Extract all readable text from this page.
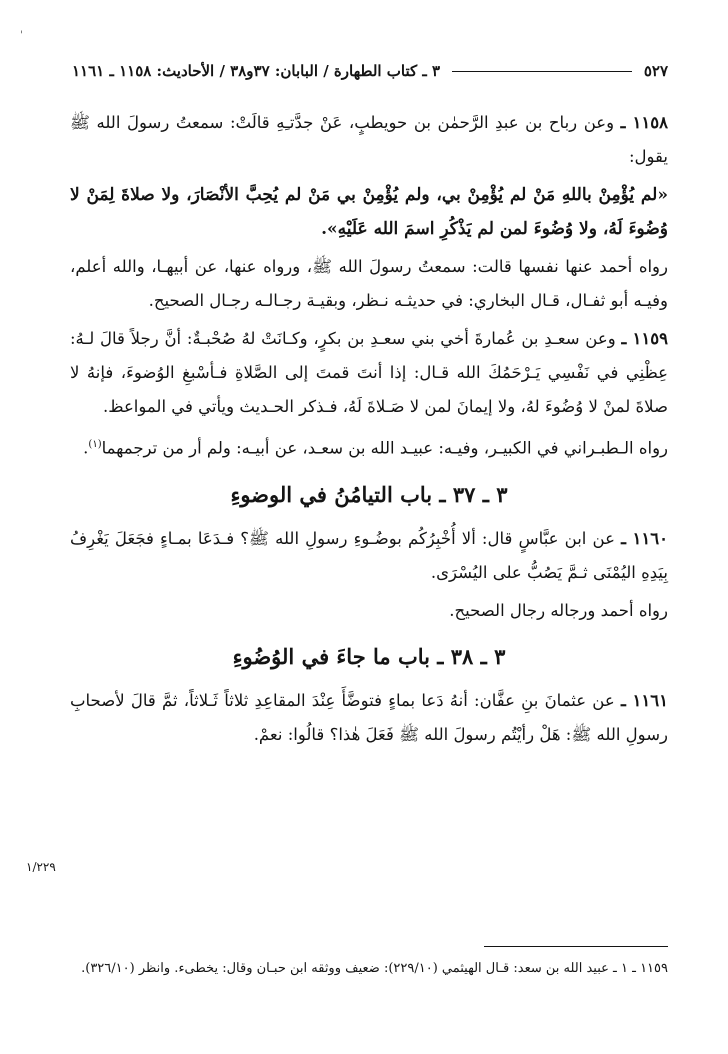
'
٥٢٧
٣ ـ كتاب الطهارة / البابان: ٣٧و٣٨ / الأحاديث: ١١٥٨ ـ ١١٦١

١١٥٨ ـ وعن رباح بن عبدِ الرَّحمٰن بن حويطبٍ، عَنْ جدَّتـِهِ قالَتْ: سمعتُ رسولَ الله ﷺ يقول:

«لم يُؤْمِنْ باللهِ مَنْ لم يُؤْمِنْ بي، ولم يُؤْمِنْ بي مَنْ لم يُحِبَّ الأنْصَارَ، ولا صلاةَ لِمَنْ لا وُضُوءَ لَهُ، ولا وُضُوءَ لمن لم يَذْكُرِ اسمَ الله عَلَيْهِ».

رواه أحمد عنها نفسها قالت: سمعتُ رسولَ الله ﷺ، ورواه عنها، عن أبيهـا، والله أعلم، وفيـه أبو ثفـال، قـال البخاري: في حديثـه نـظر، وبقيـة رجـالـه رجـال الصحيح.

١١٥٩ ـ وعن سعـدِ بن عُمارةَ أخي بني سعـدِ بن بكرٍ، وكـانَتْ لهُ صُحْبـةٌ: أنَّ رجلاً قالَ لـهُ: عِظْنِي في نَفْسِي يَـرْحَمُكَ الله قـال: إذا أنتَ قمتَ إلى الصَّلاةِ فـأسْبغِ الوُضوءَ، فإنهُ لا صلاةَ لمنْ لا وُضُوءَ لهُ، ولا إيمانَ لمن لا صَـلاةَ لَهُ، فـذكر الحـديث ويأتي في المواعظ.

رواه الـطبـراني في الكبيـر، وفيـه: عبيـد الله بن سعـد، عن أبيـه: ولم أر من ترجمهما$^{(١)}$.

٣ ـ ٣٧ ـ باب التيامُنُ في الوضوءِ

١١٦٠ ـ عن ابن عبَّاسٍ قال: ألا أُخْبِرُكُم بوضُـوءِ رسولِ الله ﷺ؟ فـدَعَا بمـاءٍ فجَعَلَ يَغْرِفُ بِيَدِهِ اليُمْنَى ثـمَّ يَصُبُّ على اليُسْرَى.

رواه أحمد ورجاله رجال الصحيح.

٣ ـ ٣٨ ـ باب ما جاءَ في الوُضُوءِ

١١٦١ ـ عن عثمانَ بنِ عفَّان: أنهُ دَعا بماءٍ فتوضَّأَ عِنْدَ المقاعِدِ ثلاثاً ثَـلاثاً، ثمَّ قالَ لأصحابِ رسولِ الله ﷺ: هَلْ رأيْتُم رسولَ الله ﷺ فَعَلَ هٰذا؟ قالُوا: نعمْ.

١/٢٢٩
١١٥٩ ـ ١ ـ عبيد الله بن سعد: قـال الهيثمي (٢٢٩/١٠): ضعيف ووثقه ابن حبـان وقال: يخطىء. وانظر (٣٢٦/١٠).
